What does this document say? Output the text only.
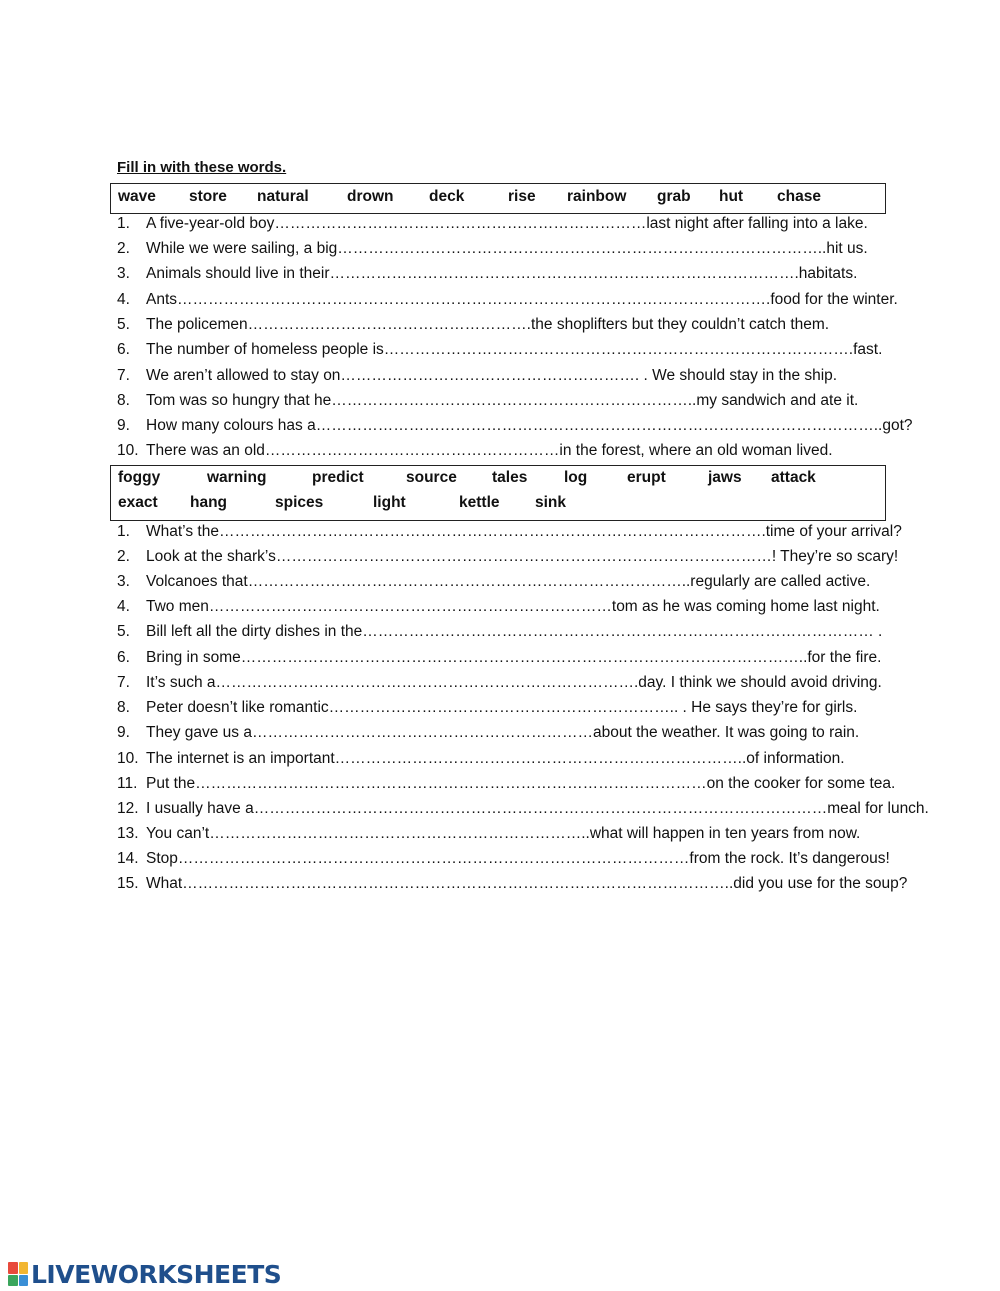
Fill in with these words.
wave store natural drown deck	rise rainbow grab hut chase
1. A five-year-old boy………………………………………………………………last night after falling into a lake.
2. While we were sailing, a big…………………………………………………………………………………..hit us.
3. Animals should live in their……………………………………………………………………………….habitats.
4. Ants…………………………………………………………………………………………………….food for the winter.
5. The policemen……………………………………………….the shoplifters but they couldn’t catch them.
6. The number of homeless people is……………………………………………………………………………….fast.
7. We aren’t allowed to stay on…………………………………………………. . We should stay in the ship.
8. Tom was so hungry that he……………………………………………………………..my sandwich and ate it.
9. How many colours has a………………………………………………………………………………………………..got?
10. There was an old…………………………………………………in the forest, where an old woman lived.
foggy	warning	predict	source tales log	erupt	jaws attack
exact hang	spices	light	kettle sink
1. What’s the…………………………………………………………………………………………….time of your arrival?
2. Look at the shark’s……………………………………………………………………………………! They’re so scary!
3. Volcanoes that…………………………………………………………………………..regularly are called active.
4. Two men……………………………………………………………………tom as he was coming home last night.
5. Bill left all the dirty dishes in the……………………………………………………………………………………… .
6. Bring in some………………………………………………………………………………………………..for the fire.
7. It’s such a……………………………………………………………………….day. I think we should avoid driving.
8. Peter doesn’t like romantic………………………………………………………….. . He says they’re for girls.
9. They gave us a…………………………………………………………about the weather. It was going to rain.
10. The internet is an important……………………………………………………………………..of information.
11. Put the………………………………………………………………………………………on the cooker for some tea.
12. I usually have a…………………………………………………………………………………………………meal for lunch.
13. You can’t………………………………………………………………..what will happen in ten years from now.
14. Stop………………………………………………………………………………………from the rock. It’s dangerous!
15. What……………………………………………………………………………………………..did you use for the soup?
LIVEWORKSHEETS
